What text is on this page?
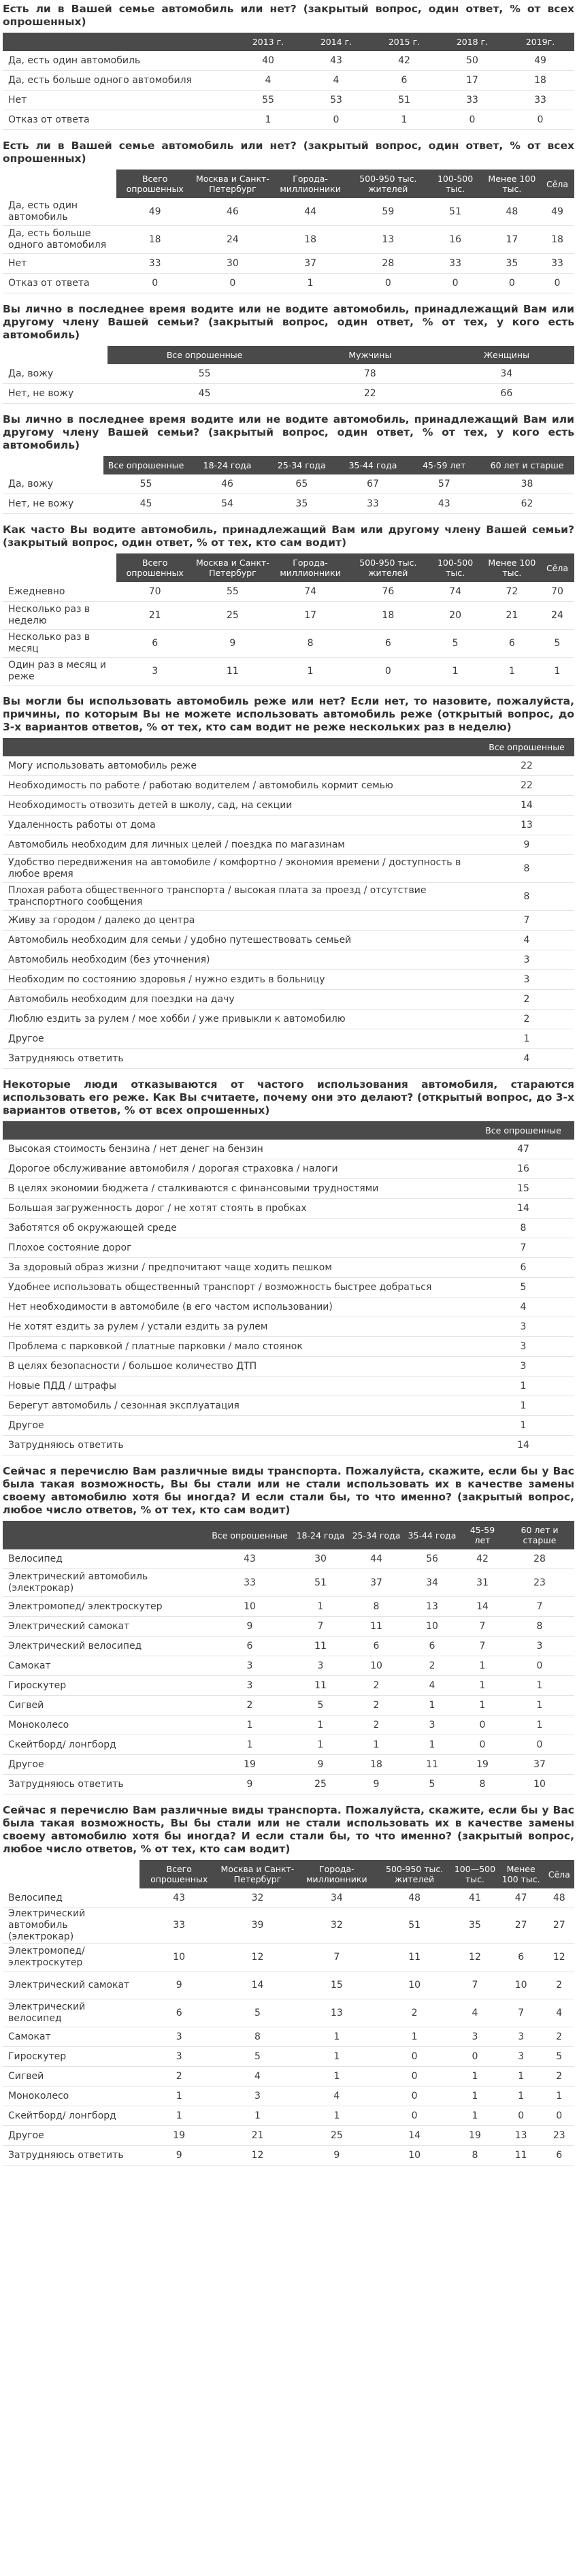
Есть ли в Вашей семье автомобиль или нет? (закрытый вопрос, один ответ, % от всех опрошенных)
	2013 г.	2014 г.	2015 г.	2018 г.	2019г.
Да, есть один автомобиль	40	43	42	50	49
Да, есть больше одного автомобиля	4	4	6	17	18
Нет	55	53	51	33	33
Отказ от ответа	1	0	1	0	0
Есть ли в Вашей семье автомобиль или нет? (закрытый вопрос, один ответ, % от всех опрошенных)
	Всего опрошенных	Москва и Санкт-Петербург	Города-миллионники	500-950 тыс. жителей	100-500 тыс.	Менее 100 тыс.	Сёла
Да, есть один автомобиль	49	46	44	59	51	48	49
Да, есть больше одного автомобиля	18	24	18	13	16	17	18
Нет	33	30	37	28	33	35	33
Отказ от ответа	0	0	1	0	0	0	0
Вы лично в последнее время водите или не водите автомобиль, принадлежащий Вам или другому члену Вашей семьи? (закрытый вопрос, один ответ, % от тех, у кого есть автомобиль)
	Все опрошенные	Мужчины	Женщины
Да, вожу	55	78	34
Нет, не вожу	45	22	66
Вы лично в последнее время водите или не водите автомобиль, принадлежащий Вам или другому члену Вашей семьи? (закрытый вопрос, один ответ, % от тех, у кого есть автомобиль)
	Все опрошенные	18-24 года	25-34 года	35-44 года	45-59 лет	60 лет и старше
Да, вожу	55	46	65	67	57	38
Нет, не вожу	45	54	35	33	43	62
Как часто Вы водите автомобиль, принадлежащий Вам или другому члену Вашей семьи? (закрытый вопрос, один ответ, % от тех, кто сам водит)
	Всего опрошенных	Москва и Санкт-Петербург	Города-миллионники	500-950 тыс. жителей	100-500 тыс.	Менее 100 тыс.	Сёла
Ежедневно	70	55	74	76	74	72	70
Несколько раз в неделю	21	25	17	18	20	21	24
Несколько раз в месяц	6	9	8	6	5	6	5
Один раз в месяц и реже	3	11	1	0	1	1	1
Вы могли бы использовать автомобиль реже или нет? Если нет, то назовите, пожалуйста, причины, по которым Вы не можете использовать автомобиль реже (открытый вопрос, до 3-х вариантов ответов, % от тех, кто сам водит не реже нескольких раз в неделю)
	Все опрошенные
Могу использовать автомобиль реже	22
Необходимость по работе / работаю водителем / автомобиль кормит семью	22
Необходимость отвозить детей в школу, сад, на секции	14
Удаленность работы от дома	13
Автомобиль необходим для личных целей / поездка по магазинам	9
Удобство передвижения на автомобиле / комфортно / экономия времени / доступность в любое время	8
Плохая работа общественного транспорта / высокая плата за проезд / отсутствие транспортного сообщения	8
Живу за городом / далеко до центра	7
Автомобиль необходим для семьи / удобно путешествовать семьей	4
Автомобиль необходим (без уточнения)	3
Необходим по состоянию здоровья / нужно ездить в больницу	3
Автомобиль необходим для поездки на дачу	2
Люблю ездить за рулем / мое хобби / уже привыкли к автомобилю	2
Другое	1
Затрудняюсь ответить	4
Некоторые люди отказываются от частого использования автомобиля, стараются использовать его реже. Как Вы считаете, почему они это делают? (открытый вопрос, до 3-х вариантов ответов, % от всех опрошенных)
	Все опрошенные
Высокая стоимость бензина / нет денег на бензин	47
Дорогое обслуживание автомобиля / дорогая страховка / налоги	16
В целях экономии бюджета / сталкиваются с финансовыми трудностями	15
Большая загруженность дорог / не хотят стоять в пробках	14
Заботятся об окружающей среде	8
Плохое состояние дорог	7
За здоровый образ жизни / предпочитают чаще ходить пешком	6
Удобнее использовать общественный транспорт / возможность быстрее добраться	5
Нет необходимости в автомобиле (в его частом использовании)	4
Не хотят ездить за рулем / устали ездить за рулем	3
Проблема с парковкой / платные парковки / мало стоянок	3
В целях безопасности / большое количество ДТП	3
Новые ПДД / штрафы	1
Берегут автомобиль / сезонная эксплуатация	1
Другое	1
Затрудняюсь ответить	14
Сейчас я перечислю Вам различные виды транспорта. Пожалуйста, скажите, если бы у Вас была такая возможность, Вы бы стали или не стали использовать их в качестве замены своему автомобилю хотя бы иногда? И если стали бы, то что именно? (закрытый вопрос, любое число ответов, % от тех, кто сам водит)
	Все опрошенные	18-24 года	25-34 года	35-44 года	45-59 лет	60 лет и старше
Велосипед	43	30	44	56	42	28
Электрический автомобиль (электрокар)	33	51	37	34	31	23
Электромопед/ электроскутер	10	1	8	13	14	7
Электрический самокат	9	7	11	10	7	8
Электрический велосипед	6	11	6	6	7	3
Самокат	3	3	10	2	1	0
Гироскутер	3	11	2	4	1	1
Сигвей	2	5	2	1	1	1
Моноколесо	1	1	2	3	0	1
Скейтборд/ лонгборд	1	1	1	1	0	0
Другое	19	9	18	11	19	37
Затрудняюсь ответить	9	25	9	5	8	10
Сейчас я перечислю Вам различные виды транспорта. Пожалуйста, скажите, если бы у Вас была такая возможность, Вы бы стали или не стали использовать их в качестве замены своему автомобилю хотя бы иногда? И если стали бы, то что именно? (закрытый вопрос, любое число ответов, % от тех, кто сам водит)
	Всего опрошенных	Москва и Санкт-Петербург	Города-миллионники	500-950 тыс. жителей	100—500 тыс.	Менее 100 тыс.	Сёла
Велосипед	43	32	34	48	41	47	48
Электрический автомобиль (электрокар)	33	39	32	51	35	27	27
Электромопед/ электроскутер	10	12	7	11	12	6	12
Электрический самокат	9	14	15	10	7	10	2
Электрический велосипед	6	5	13	2	4	7	4
Самокат	3	8	1	1	3	3	2
Гироскутер	3	5	1	0	0	3	5
Сигвей	2	4	1	0	1	1	2
Моноколесо	1	3	4	0	1	1	1
Скейтборд/ лонгборд	1	1	1	0	1	0	0
Другое	19	21	25	14	19	13	23
Затрудняюсь ответить	9	12	9	10	8	11	6
